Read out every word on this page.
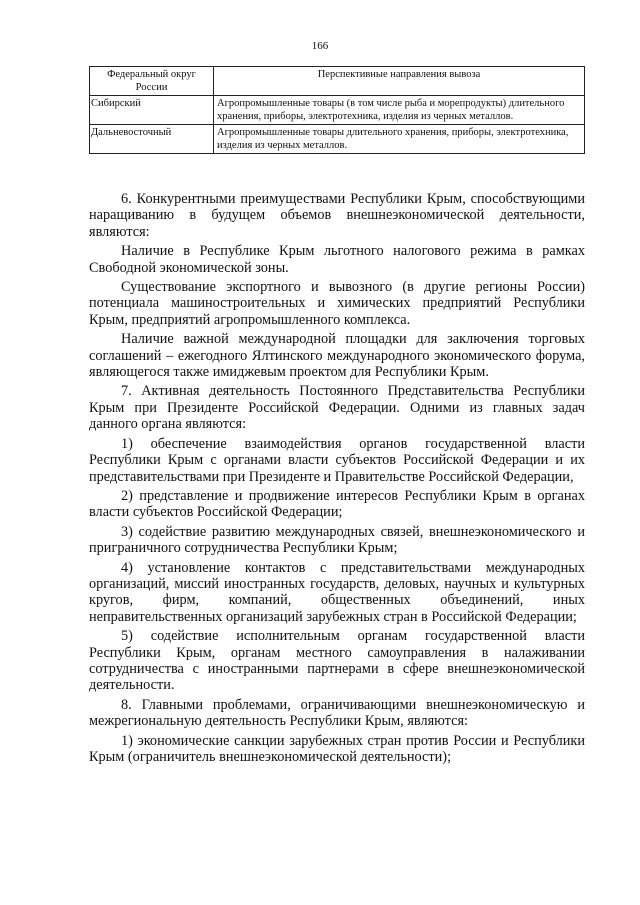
166
Федеральный округ России	Перспективные направления вывоза
Сибирский	Агропромышленные товары (в том числе рыба и морепродукты) длительного хранения, приборы, электротехника, изделия из черных металлов.
Дальневосточный	Агропромышленные товары длительного хранения, приборы, электротехника, изделия из черных металлов.

6. Конкурентными преимуществами Республики Крым, способствующими наращиванию в будущем объемов внешнеэкономической деятельности, являются:

Наличие в Республике Крым льготного налогового режима в рамках Свободной экономической зоны.

Существование экспортного и вывозного (в другие регионы России) потенциала машиностроительных и химических предприятий Республики Крым, предприятий агропромышленного комплекса.

Наличие важной международной площадки для заключения торговых соглашений – ежегодного Ялтинского международного экономического форума, являющегося также имиджевым проектом для Республики Крым.

7. Активная деятельность Постоянного Представительства Республики Крым при Президенте Российской Федерации. Одними из главных задач данного органа являются:

1) обеспечение взаимодействия органов государственной власти Республики Крым с органами власти субъектов Российской Федерации и их представительствами при Президенте и Правительстве Российской Федерации,

2) представление и продвижение интересов Республики Крым в органах власти субъектов Российской Федерации;

3) содействие развитию международных связей, внешнеэкономического и приграничного сотрудничества Республики Крым;

4) установление контактов с представительствами международных организаций, миссий иностранных государств, деловых, научных и культурных кругов, фирм, компаний, общественных объединений, иных неправительственных организаций зарубежных стран в Российской Федерации;

5) содействие исполнительным органам государственной власти Республики Крым, органам местного самоуправления в налаживании сотрудничества с иностранными партнерами в сфере внешнеэкономической деятельности.

8. Главными проблемами, ограничивающими внешнеэкономическую и межрегиональную деятельность Республики Крым, являются:

1) экономические санкции зарубежных стран против России и Республики Крым (ограничитель внешнеэкономической деятельности);
